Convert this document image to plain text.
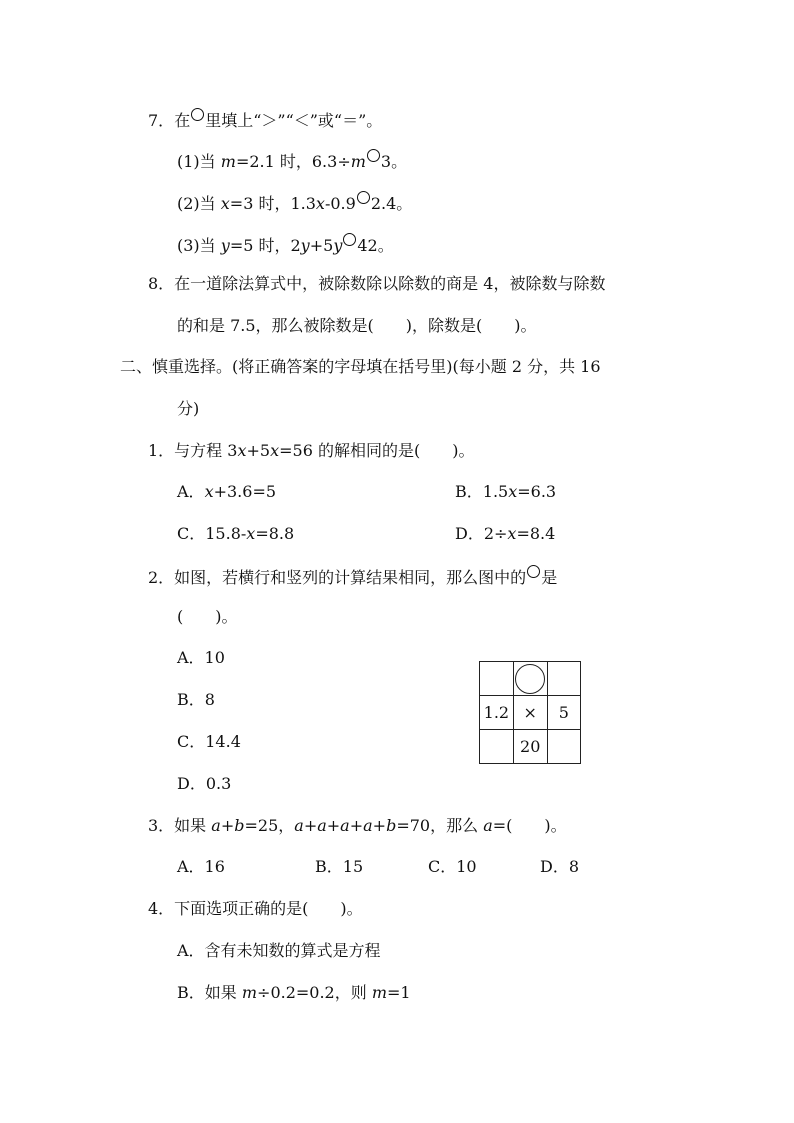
7．在 里填上“＞”“＜”或“＝”。
(1)当 m=2.1 时，6.3÷m 3。
(2)当 x=3 时，1.3x-0.9 2.4。
(3)当 y=5 时，2y+5y 42。
8．在一道除法算式中，被除数除以除数的商是 4，被除数与除数
的和是 7.5，那么被除数是(　　)，除数是(　　)。
二、慎重选择。(将正确答案的字母填在括号里)(每小题 2 分，共 16
分)
1．与方程 3x+5x=56 的解相同的是(　　)。
A．x+3.6=5	B．1.5x=6.3
C．15.8-x=8.8	D．2÷x=8.4
2．如图，若横行和竖列的计算结果相同，那么图中的 是
(　　)。
A．10
B．8
C．14.4
D．0.3

1.2	×	5
	20	
3．如果 a+b=25，a+a+a+a+b=70，那么 a=(　　)。
A．16	B．15	C．10	D．8
4．下面选项正确的是(　　)。
A．含有未知数的算式是方程
B．如果 m÷0.2=0.2，则 m=1
